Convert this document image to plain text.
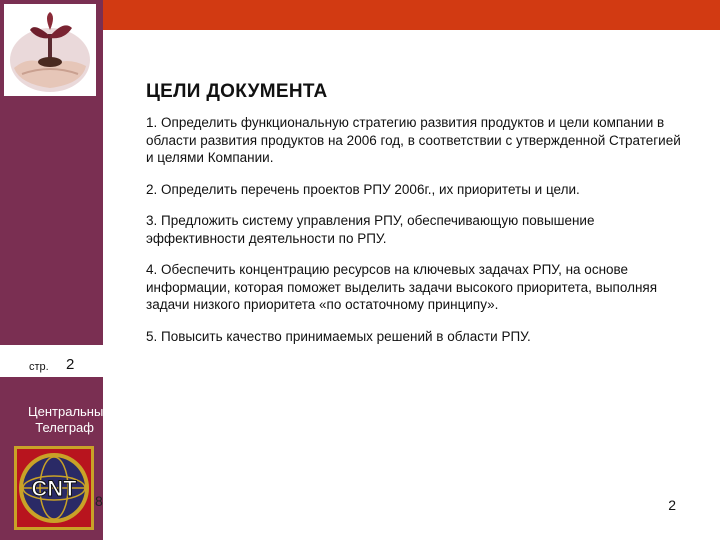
стр. 2
Центральный Телеграф
CNT 8
ЦЕЛИ ДОКУМЕНТА
1. Определить функциональную стратегию развития продуктов и цели компании в области развития продуктов на 2006 год, в соответствии с утвержденной Стратегией и целями Компании.
2. Определить перечень проектов РПУ 2006г., их приоритеты и цели.
3. Предложить систему управления РПУ, обеспечивающую повышение эффективности деятельности по РПУ.
4. Обеспечить концентрацию ресурсов на ключевых задачах РПУ, на основе информации, которая поможет выделить задачи высокого приоритета, выполняя задачи низкого приоритета «по остаточному принципу».
5. Повысить качество принимаемых решений в области РПУ.
2
